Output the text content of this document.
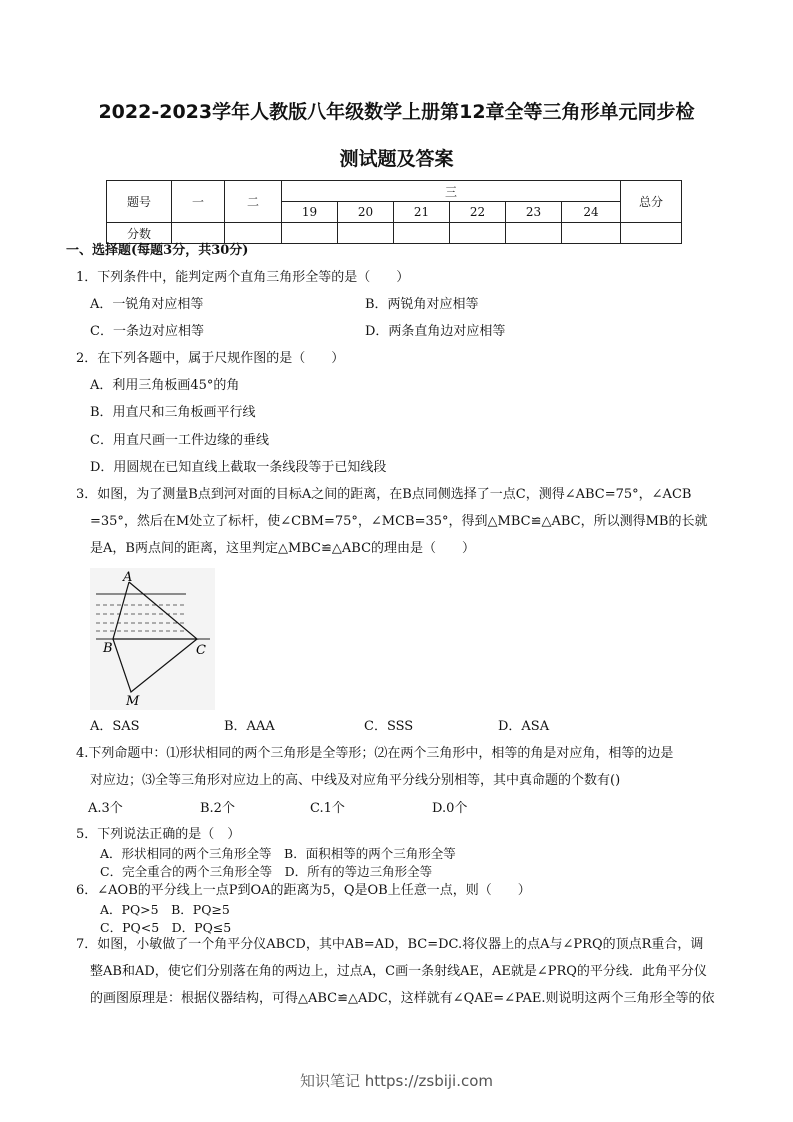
2022-2023学年人教版八年级数学上册第12章全等三角形单元同步检
测试题及答案
题号	一	二	三						总分
			19	20	21	22	23	24	
分数									
一、选择题(每题3分，共30分)
1．下列条件中，能判定两个直角三角形全等的是（　　）
A．一锐角对应相等	B．两锐角对应相等
C．一条边对应相等	D．两条直角边对应相等
2．在下列各题中，属于尺规作图的是（　　）
A．利用三角板画45°的角
B．用直尺和三角板画平行线
C．用直尺画一工件边缘的垂线
D．用圆规在已知直线上截取一条线段等于已知线段
3．如图，为了测量B点到河对面的目标A之间的距离，在B点同侧选择了一点C，测得∠ABC=75°，∠ACB
=35°，然后在M处立了标杆，使∠CBM=75°，∠MCB=35°，得到△MBC≌△ABC，所以测得MB的长就
是A，B两点间的距离，这里判定△MBC≌△ABC的理由是（　　）
A
B	C
M
A．SAS	B．AAA	C．SSS	D．ASA
4.下列命题中：⑴形状相同的两个三角形是全等形；⑵在两个三角形中，相等的角是对应角，相等的边是
对应边；⑶全等三角形对应边上的高、中线及对应角平分线分别相等，其中真命题的个数有()
A.3个	B.2个	C.1个	D.0个
5．下列说法正确的是（　）
A．形状相同的两个三角形全等　B．面积相等的两个三角形全等
C．完全重合的两个三角形全等　D．所有的等边三角形全等
6．∠AOB的平分线上一点P到OA的距离为5，Q是OB上任意一点，则（　　）
A．PQ>5　B．PQ≥5
C．PQ<5　D．PQ≤5
7．如图，小敏做了一个角平分仪ABCD，其中AB=AD，BC=DC.将仪器上的点A与∠PRQ的顶点R重合，调
整AB和AD，使它们分别落在角的两边上，过点A，C画一条射线AE，AE就是∠PRQ的平分线．此角平分仪
的画图原理是：根据仪器结构，可得△ABC≌△ADC，这样就有∠QAE=∠PAE.则说明这两个三角形全等的依
知识笔记 https://zsbiji.com
